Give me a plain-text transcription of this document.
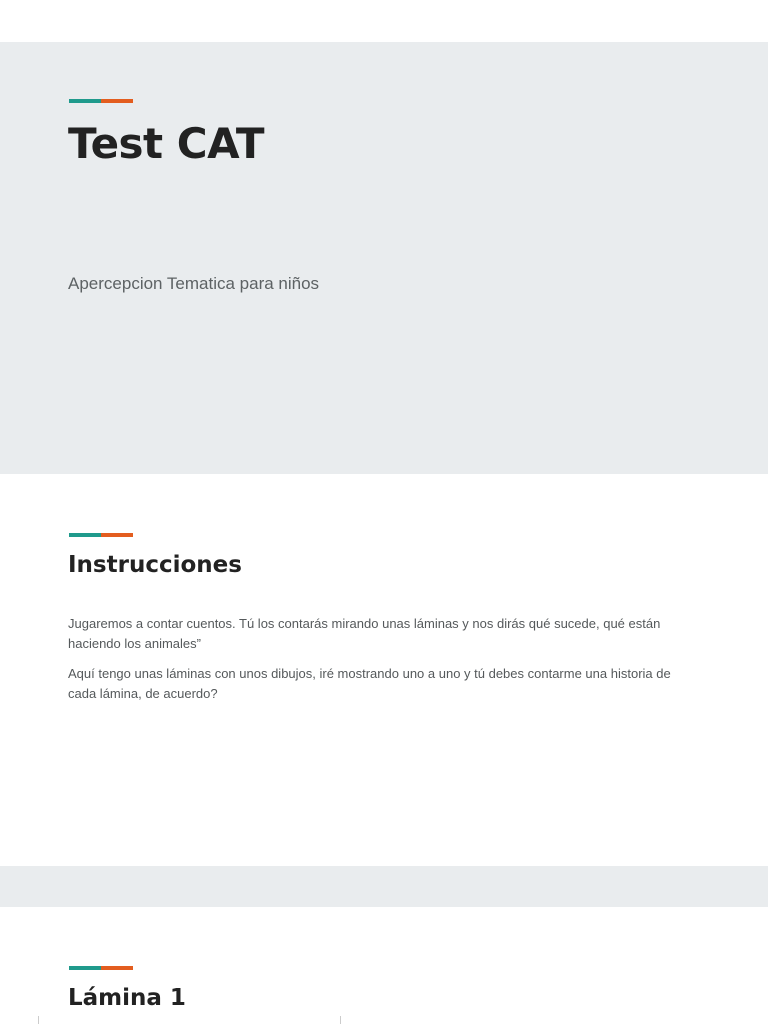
Test CAT

Apercepcion Tematica para niños

Instrucciones

Jugaremos a contar cuentos. Tú los contarás mirando unas láminas y nos dirás qué sucede, qué están haciendo los animales”

Aquí tengo unas láminas con unos dibujos, iré mostrando uno a uno y tú debes contarme una historia de cada lámina, de acuerdo?

Lámina 1
